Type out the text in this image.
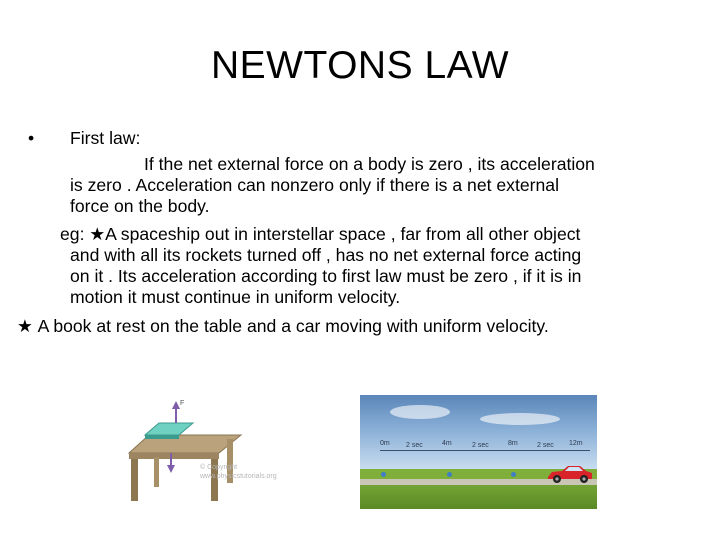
NEWTONS LAW
• First law:
If the net external force on a body is zero , its acceleration
is zero . Acceleration can nonzero only if there is a net external
force on the body.
eg: ★A spaceship out in interstellar space , far from all other object
and with all its rockets turned off , has no net external force acting
on it . Its acceleration according to first law must be zero , if it is in
motion it must continue in uniform velocity.
★ A book at rest on the table and a car moving with uniform velocity.
F
© Copyright
www.physicstutorials.org
0m	4m	8m	12m
2 sec	2 sec	2 sec
